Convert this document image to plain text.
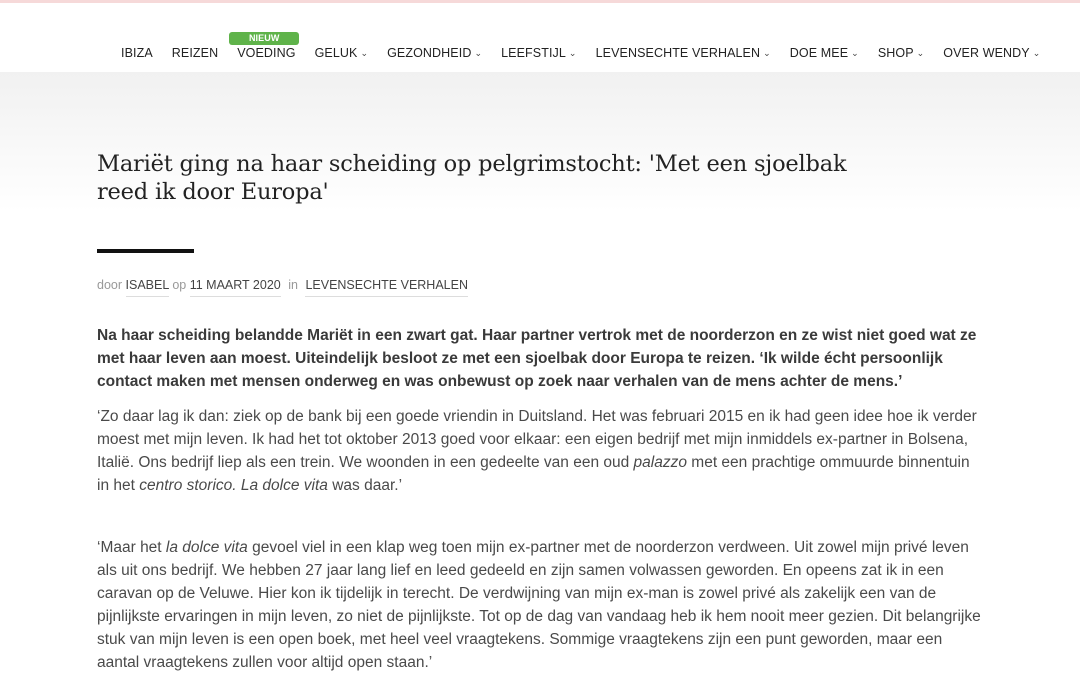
IBIZA REIZEN
NIEUW
VOEDING GELUK ⌄ GEZONDHEID ⌄ LEEFSTIJL ⌄ LEVENSECHTE VERHALEN ⌄ DOE MEE ⌄ SHOP ⌄ OVER WENDY ⌄
Mariët ging na haar scheiding op pelgrimstocht: 'Met een sjoelbak reed ik door Europa'
door ISABEL op 11 MAART 2020 in LEVENSECHTE VERHALEN

Na haar scheiding belandde Mariët in een zwart gat. Haar partner vertrok met de noorderzon en ze wist niet goed wat ze met haar leven aan moest. Uiteindelijk besloot ze met een sjoelbak door Europa te reizen. ‘Ik wilde écht persoonlijk contact maken met mensen onderweg en was onbewust op zoek naar verhalen van de mens achter de mens.’

‘Zo daar lag ik dan: ziek op de bank bij een goede vriendin in Duitsland. Het was februari 2015 en ik had geen idee hoe ik verder moest met mijn leven. Ik had het tot oktober 2013 goed voor elkaar: een eigen bedrijf met mijn inmiddels ex-partner in Bolsena, Italië. Ons bedrijf liep als een trein. We woonden in een gedeelte van een oud palazzo met een prachtige ommuurde binnentuin in het centro storico. La dolce vita was daar.’

‘Maar het la dolce vita gevoel viel in een klap weg toen mijn ex-partner met de noorderzon verdween. Uit zowel mijn privé leven als uit ons bedrijf. We hebben 27 jaar lang lief en leed gedeeld en zijn samen volwassen geworden. En opeens zat ik in een caravan op de Veluwe. Hier kon ik tijdelijk in terecht. De verdwijning van mijn ex-man is zowel privé als zakelijk een van de pijnlijkste ervaringen in mijn leven, zo niet de pijnlijkste. Tot op de dag van vandaag heb ik hem nooit meer gezien. Dit belangrijke stuk van mijn leven is een open boek, met heel veel vraagtekens. Sommige vraagtekens zijn een punt geworden, maar een aantal vraagtekens zullen voor altijd open staan.’
